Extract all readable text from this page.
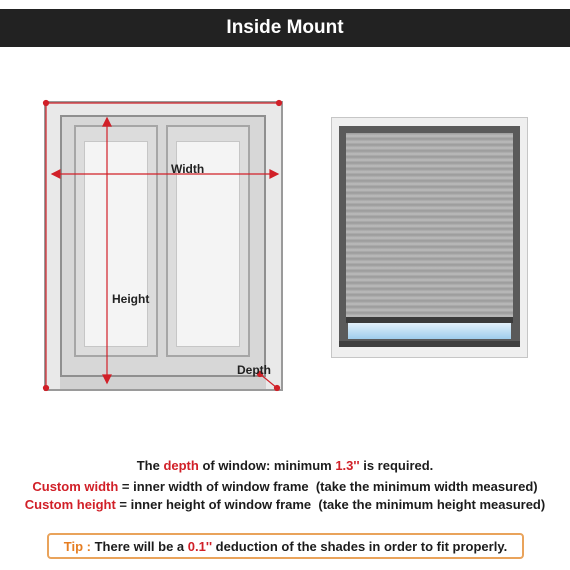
Inside Mount
Width
Height
Depth
The depth of window: minimum 1.3'' is required.
Custom width = inner width of window frame  (take the minimum width measured)
Custom height = inner height of window frame  (take the minimum height measured)
Tip : There will be a 0.1'' deduction of the shades in order to fit properly.
